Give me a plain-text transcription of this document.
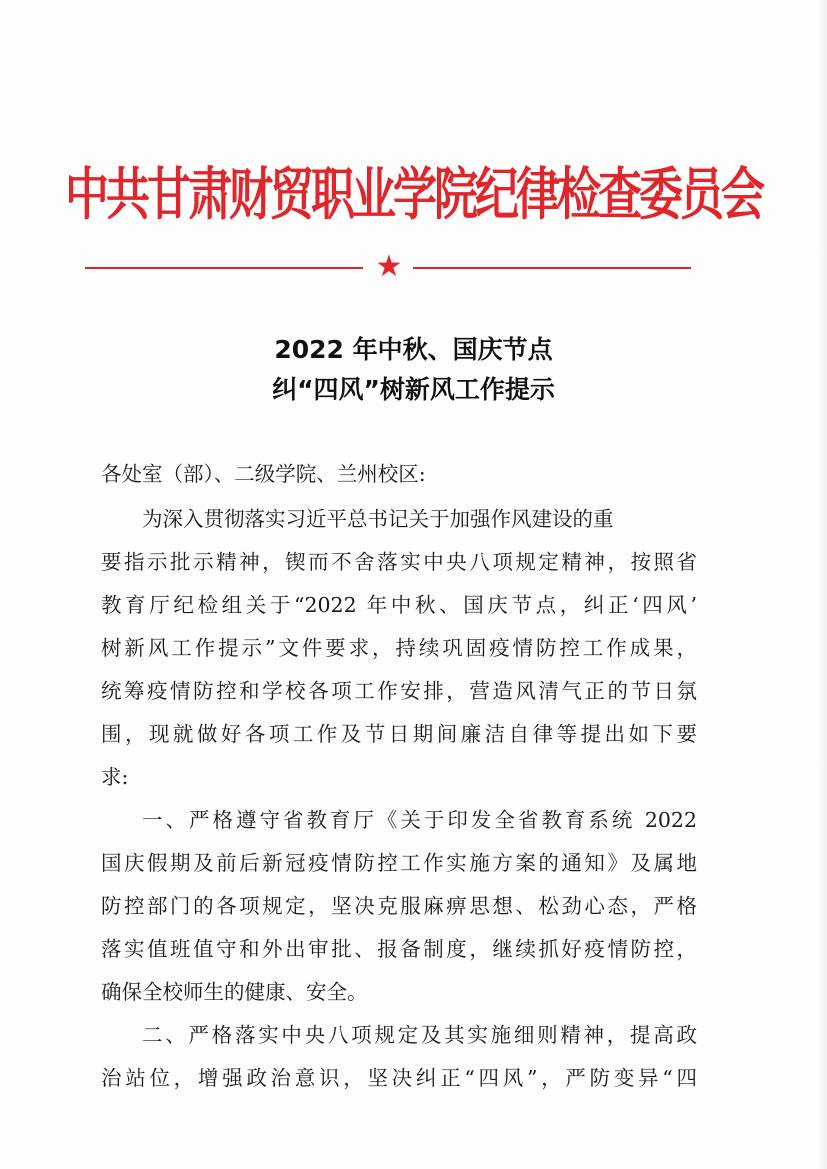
中共甘肃财贸职业学院纪律检查委员会
★
2022 年中秋、国庆节点
纠“四风”树新风工作提示
各处室（部）、二级学院、兰州校区:
为深入贯彻落实习近平总书记关于加强作风建设的重
要指示批示精神，锲而不舍落实中央八项规定精神，按照省
教育厅纪检组关于“2022 年中秋、国庆节点，纠正‘四风’
树新风工作提示”文件要求，持续巩固疫情防控工作成果，
统筹疫情防控和学校各项工作安排，营造风清气正的节日氛
围，现就做好各项工作及节日期间廉洁自律等提出如下要
求:
一、严格遵守省教育厅《关于印发全省教育系统 2022
国庆假期及前后新冠疫情防控工作实施方案的通知》及属地
防控部门的各项规定，坚决克服麻痹思想、松劲心态，严格
落实值班值守和外出审批、报备制度，继续抓好疫情防控，
确保全校师生的健康、安全。
二、严格落实中央八项规定及其实施细则精神，提高政
治站位，增强政治意识，坚决纠正“四风”，严防变异“四
